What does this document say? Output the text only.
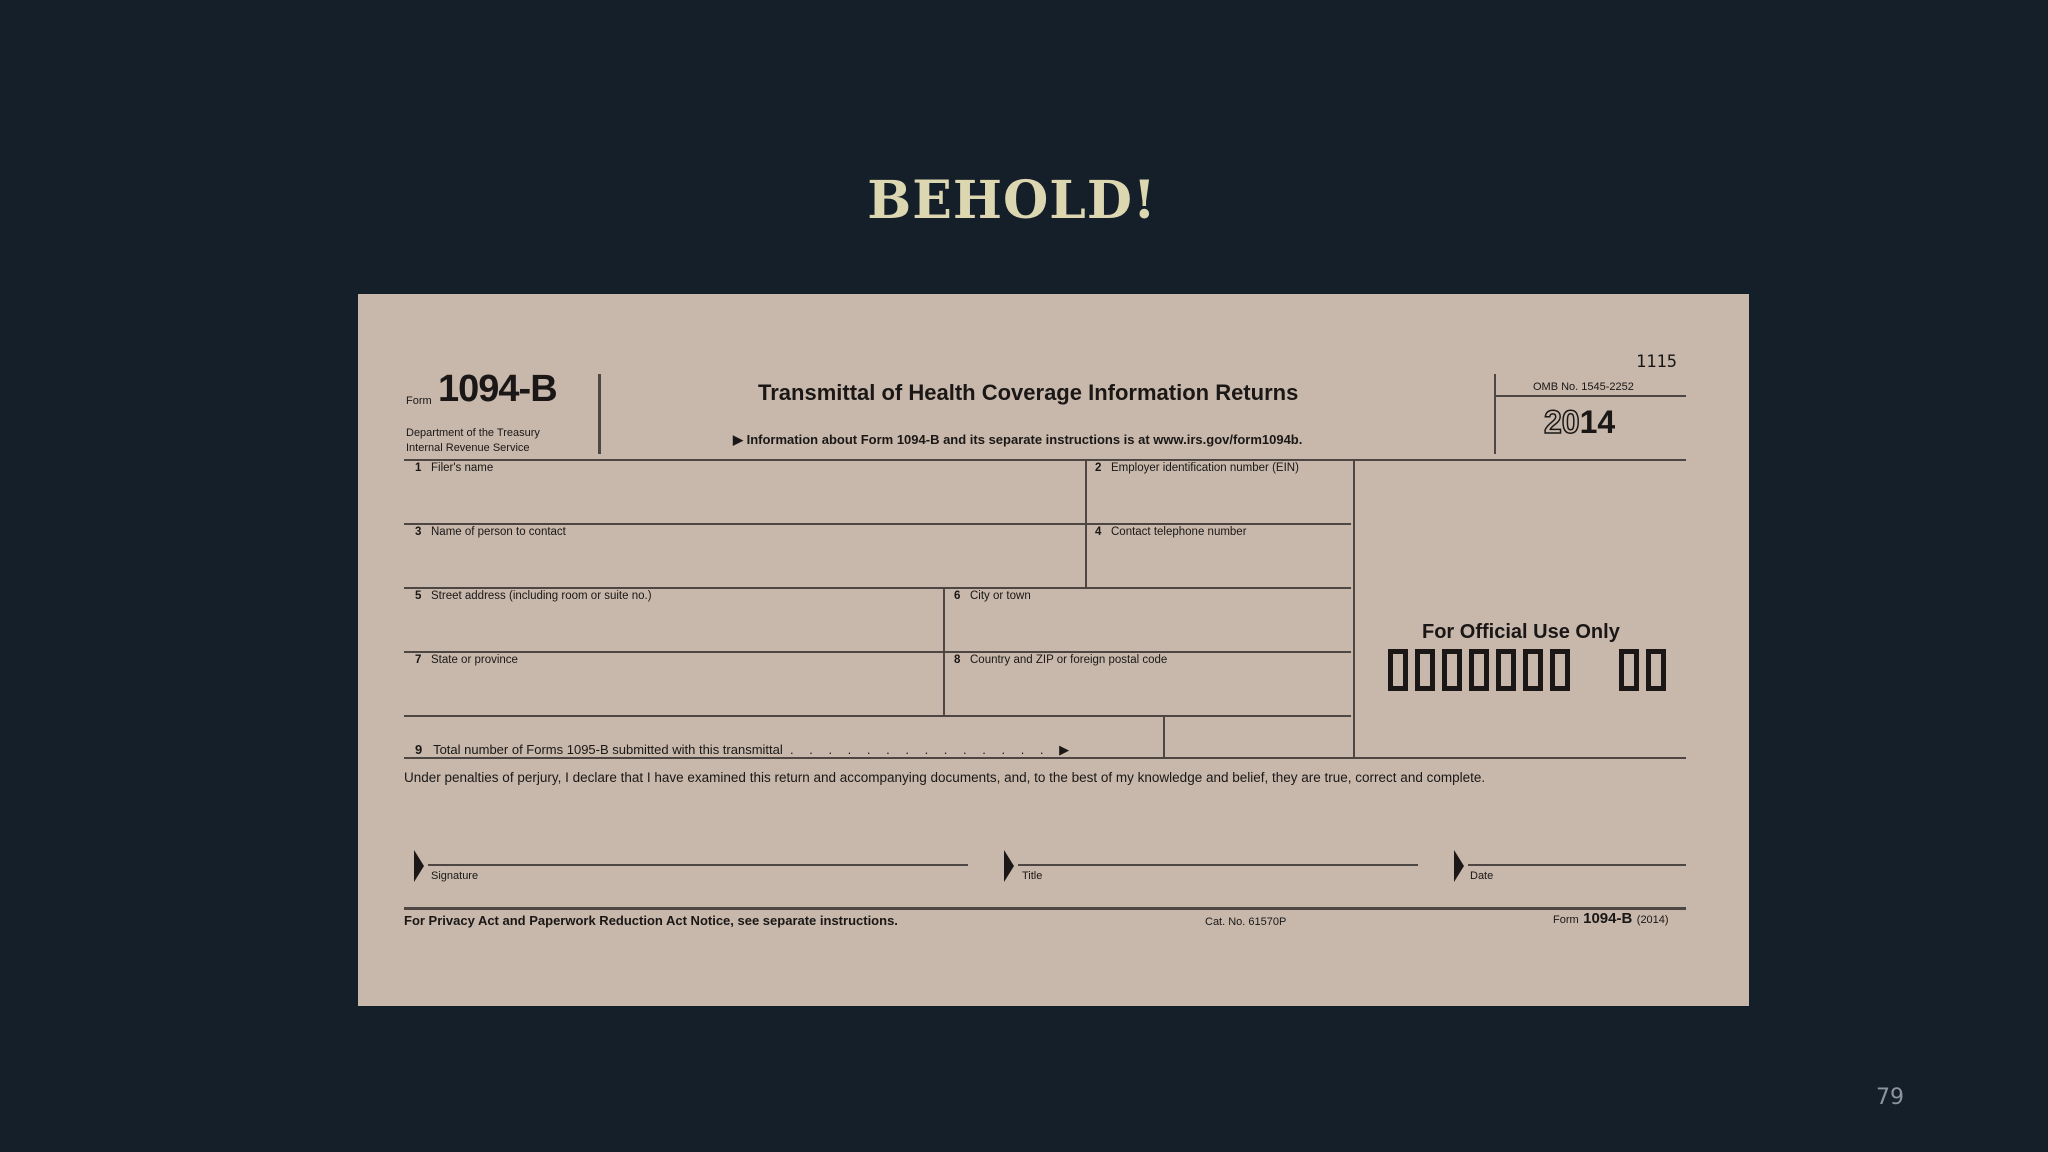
BEHOLD!
1115
Form 1094-B
Department of the Treasury
Internal Revenue Service
Transmittal of Health Coverage Information Returns
▶ Information about Form 1094-B and its separate instructions is at www.irs.gov/form1094b.
OMB No. 1545-2252
2014
1 Filer's name	2 Employer identification number (EIN)
3 Name of person to contact	4 Contact telephone number
5 Street address (including room or suite no.)	6 City or town
7 State or province	8 Country and ZIP or foreign postal code
9 Total number of Forms 1095-B submitted with this transmittal . . . . . . . . . . . . . . ▶
For Official Use Only
Under penalties of perjury, I declare that I have examined this return and accompanying documents, and, to the best of my knowledge and belief, they are true, correct and complete.
Signature	Title	Date
For Privacy Act and Paperwork Reduction Act Notice, see separate instructions.	Cat. No. 61570P	Form 1094-B (2014)
79
